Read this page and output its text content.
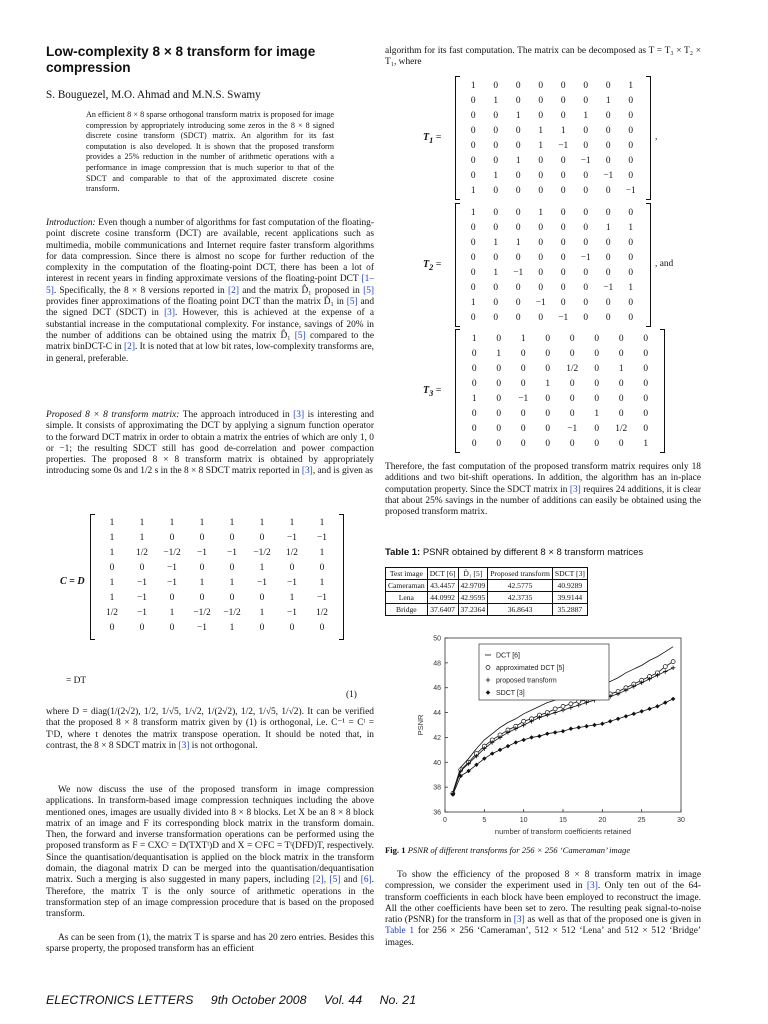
Low-complexity 8 × 8 transform for image compression

S. Bouguezel, M.O. Ahmad and M.N.S. Swamy

An efficient 8 × 8 sparse orthogonal transform matrix is proposed for image compression by appropriately introducing some zeros in the 8 × 8 signed discrete cosine transform (SDCT) matrix. An algorithm for its fast computation is also developed. It is shown that the proposed transform provides a 25% reduction in the number of arithmetic operations with a performance in image compression that is much superior to that of the SDCT and comparable to that of the approximated discrete cosine transform.

Introduction: Even though a number of algorithms for fast computation of the floating-point discrete cosine transform (DCT) are available, recent applications such as multimedia, mobile communications and Internet require faster transform algorithms for data compression. Since there is almost no scope for further reduction of the complexity in the computation of the floating-point DCT, there has been a lot of interest in recent years in finding approximate versions of the floating-point DCT [1–5]. Specifically, the 8 × 8 versions reported in [2] and the matrix D̂₁ proposed in [5] provides finer approximations of the floating point DCT than the matrix D̂₁ in [5] and the signed DCT (SDCT) in [3]. However, this is achieved at the expense of a substantial increase in the computational complexity. For instance, savings of 20% in the number of additions can be obtained using the matrix D̂₁ [5] compared to the matrix binDCT-C in [2]. It is noted that at low bit rates, low-complexity transforms are, in general, preferable.

Proposed 8 × 8 transform matrix: The approach introduced in [3] is interesting and simple. It consists of approximating the DCT by applying a signum function operator to the forward DCT matrix in order to obtain a matrix the entries of which are only 1, 0 or −1; the resulting SDCT still has good de-correlation and power compaction properties. The proposed 8 × 8 transform matrix is obtained by appropriately introducing some 0s and 1/2 s in the 8 × 8 SDCT matrix reported in [3], and is given as

C = D
1	1	1	1	1	1	1	1
1	1	0	0	0	0	−1	−1
1	1/2	−1/2	−1	−1	−1/2	1/2	1
0	0	−1	0	0	1	0	0
1	−1	−1	1	1	−1	−1	1
1	−1	0	0	0	0	1	−1
1/2	−1	1	−1/2	−1/2	1	−1	1/2
0	0	0	−1	1	0	0	0
= DT
(1)

where D = diag(1/(2√2), 1/2, 1/√5, 1/√2, 1/(2√2), 1/2, 1/√5, 1/√2). It can be verified that the proposed 8 × 8 transform matrix given by (1) is orthogonal, i.e. C⁻¹ = Cᵗ = TᵗD, where t denotes the matrix transpose operation. It should be noted that, in contrast, the 8 × 8 SDCT matrix in [3] is not orthogonal.

We now discuss the use of the proposed transform in image compression applications. In transform-based image compression techniques including the above mentioned ones, images are usually divided into 8 × 8 blocks. Let X be an 8 × 8 block matrix of an image and F its corresponding block matrix in the transform domain. Then, the forward and inverse transformation operations can be performed using the proposed transform as F = CXCᵗ = D(TXTᵗ)D and X = CᵗFC = Tᵗ(DFD)T, respectively. Since the quantisation/dequantisation is applied on the block matrix in the transform domain, the diagonal matrix D can be merged into the quantisation/dequantisation matrix. Such a merging is also suggested in many papers, including [2], [5] and [6]. Therefore, the matrix T is the only source of arithmetic operations in the transformation step of an image compression procedure that is based on the proposed transform.

As can be seen from (1), the matrix T is sparse and has 20 zero entries. Besides this sparse property, the proposed transform has an efficient

algorithm for its fast computation. The matrix can be decomposed as T = T₃ × T₂ × T₁, where

$T_1$ =
1	0	0	0	0	0	0	1
0	1	0	0	0	0	1	0
0	0	1	0	0	1	0	0
0	0	0	1	1	0	0	0
0	0	0	1	−1	0	0	0
0	0	1	0	0	−1	0	0
0	1	0	0	0	0	−1	0
1	0	0	0	0	0	0	−1
,
$T_2$ =
1	0	0	1	0	0	0	0
0	0	0	0	0	0	1	1
0	1	1	0	0	0	0	0
0	0	0	0	0	−1	0	0
0	1	−1	0	0	0	0	0
0	0	0	0	0	0	−1	1
1	0	0	−1	0	0	0	0
0	0	0	0	−1	0	0	0
, and
$T_3$ =
1	0	1	0	0	0	0	0
0	1	0	0	0	0	0	0
0	0	0	0	1/2	0	1	0
0	0	0	1	0	0	0	0
1	0	−1	0	0	0	0	0
0	0	0	0	0	1	0	0
0	0	0	0	−1	0	1/2	0
0	0	0	0	0	0	0	1

Therefore, the fast computation of the proposed transform matrix requires only 18 additions and two bit-shift operations. In addition, the algorithm has an in-place computation property. Since the SDCT matrix in [3] requires 24 additions, it is clear that about 25% savings in the number of additions can easily be obtained using the proposed transform matrix.

Table 1: PSNR obtained by different 8 × 8 transform matrices

Test image	DCT [6]	D̂₁ [5]	Proposed transform	SDCT [3]
Cameraman	43.4457	42.9709	42.5775	40.9289
Lena	44.0992	42.9595	42.3735	39.9144
Bridge	37.6407	37.2364	36.8643	35.2887
0	5	10	15	20	25	30
36
38
40
42
44
46
48
50
number of transform coefficients retained
PSNR
DCT [6]
approximated DCT [5]
proposed transform
SDCT [3]

Fig. 1 PSNR of different transforms for 256 × 256 ‘Cameraman’ image

To show the efficiency of the proposed 8 × 8 transform matrix in image compression, we consider the experiment used in [3]. Only ten out of the 64-transform coefficients in each block have been employed to reconstruct the image. All the other coefficients have been set to zero. The resulting peak signal-to-noise ratio (PSNR) for the transform in [3] as well as that of the proposed one is given in Table 1 for 256 × 256 ‘Cameraman’, 512 × 512 ‘Lena’ and 512 × 512 ‘Bridge’ images.

ELECTRONICS LETTERS 9th October 2008 Vol. 44 No. 21
